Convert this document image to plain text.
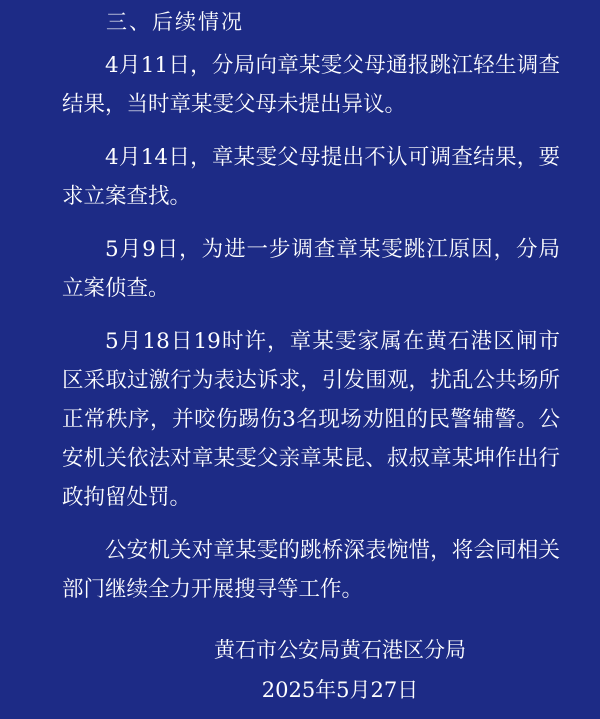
三、后续情况

4月11日，分局向章某雯父母通报跳江轻生调查结果，当时章某雯父母未提出异议。

4月14日，章某雯父母提出不认可调查结果，要求立案查找。

5月9日，为进一步调查章某雯跳江原因，分局立案侦查。

5月18日19时许，章某雯家属在黄石港区闸市区采取过激行为表达诉求，引发围观，扰乱公共场所正常秩序，并咬伤踢伤3名现场劝阻的民警辅警。公安机关依法对章某雯父亲章某昆、叔叔章某坤作出行政拘留处罚。

公安机关对章某雯的跳桥深表惋惜，将会同相关部门继续全力开展搜寻等工作。

黄石市公安局黄石港区分局
2025年5月27日
